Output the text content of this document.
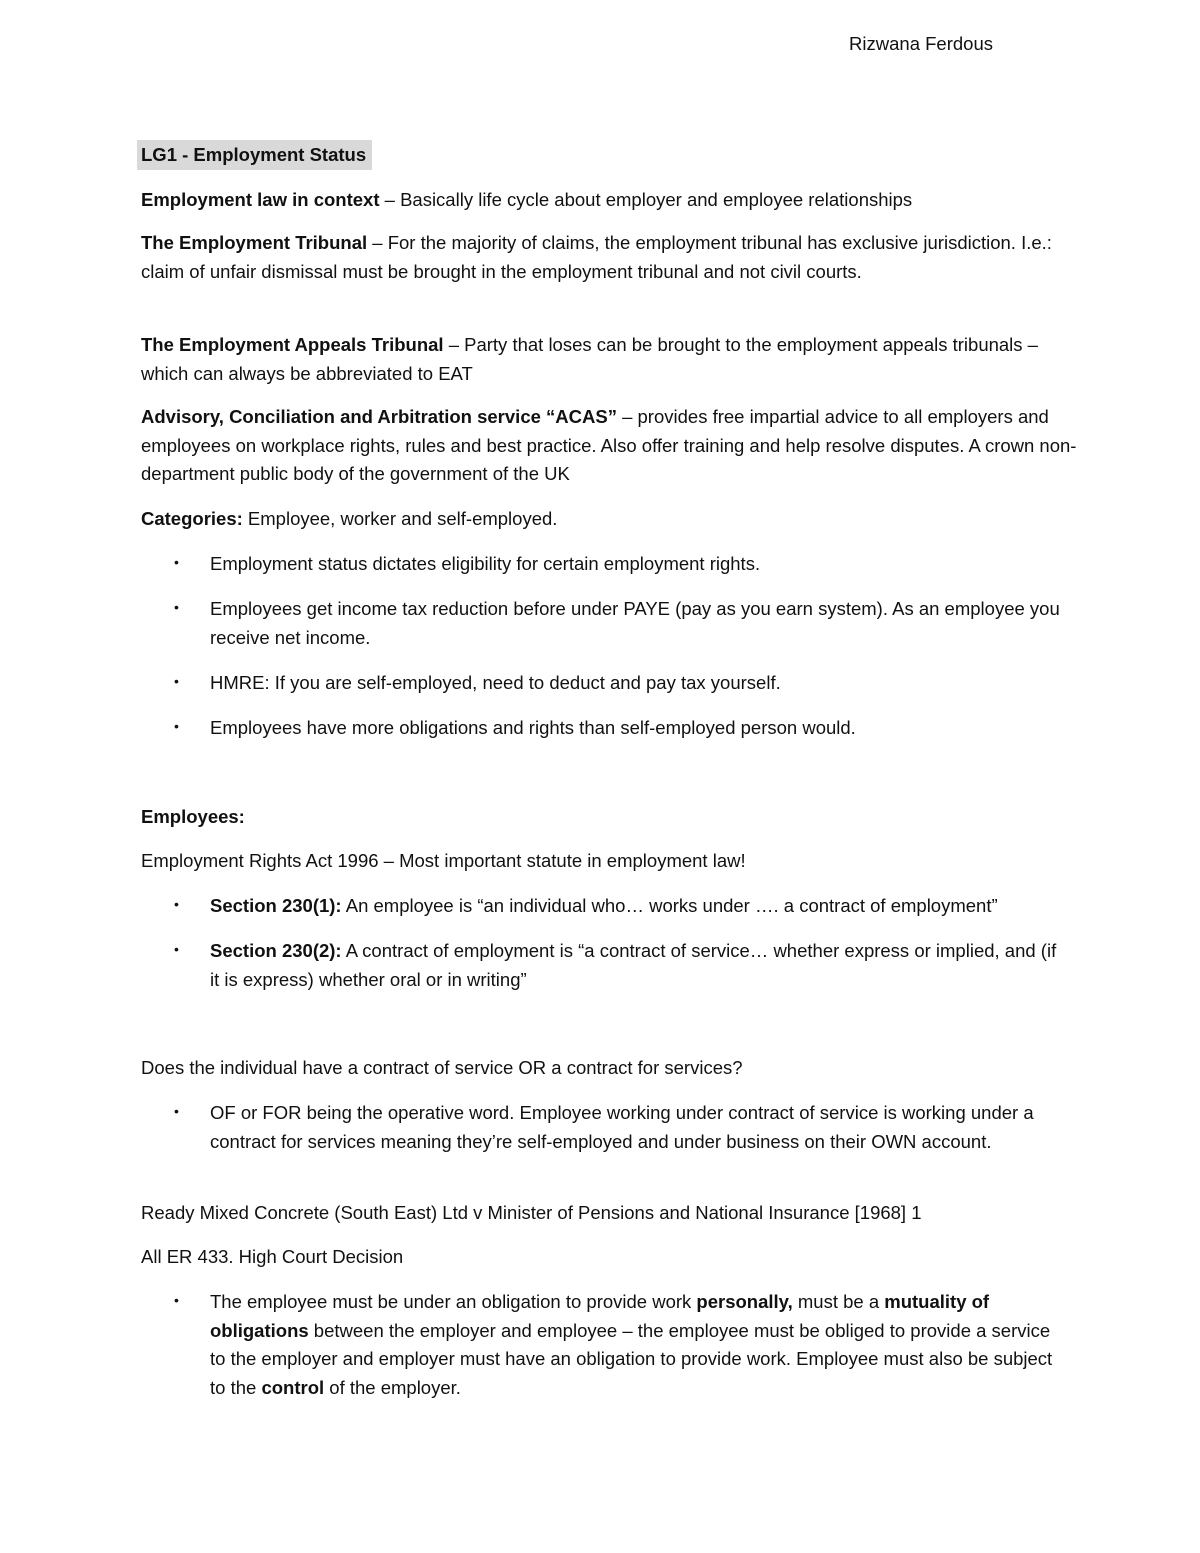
Rizwana Ferdous
LG1 - Employment Status
Employment law in context – Basically life cycle about employer and employee relationships
The Employment Tribunal – For the majority of claims, the employment tribunal has exclusive jurisdiction. I.e.: claim of unfair dismissal must be brought in the employment tribunal and not civil courts.
The Employment Appeals Tribunal – Party that loses can be brought to the employment appeals tribunals – which can always be abbreviated to EAT
Advisory, Conciliation and Arbitration service “ACAS” – provides free impartial advice to all employers and employees on workplace rights, rules and best practice. Also offer training and help resolve disputes. A crown non-department public body of the government of the UK
Categories: Employee, worker and self-employed.
• Employment status dictates eligibility for certain employment rights.
• Employees get income tax reduction before under PAYE (pay as you earn system). As an employee you receive net income.
• HMRE: If you are self-employed, need to deduct and pay tax yourself.
• Employees have more obligations and rights than self-employed person would.
Employees:
Employment Rights Act 1996 – Most important statute in employment law!
• Section 230(1): An employee is “an individual who… works under …. a contract of employment”
• Section 230(2): A contract of employment is “a contract of service… whether express or implied, and (if it is express) whether oral or in writing”
Does the individual have a contract of service OR a contract for services?
• OF or FOR being the operative word. Employee working under contract of service is working under a contract for services meaning they’re self-employed and under business on their OWN account.
Ready Mixed Concrete (South East) Ltd v Minister of Pensions and National Insurance [1968] 1
All ER 433. High Court Decision
• The employee must be under an obligation to provide work personally, must be a mutuality of obligations between the employer and employee – the employee must be obliged to provide a service to the employer and employer must have an obligation to provide work. Employee must also be subject to the control of the employer.
